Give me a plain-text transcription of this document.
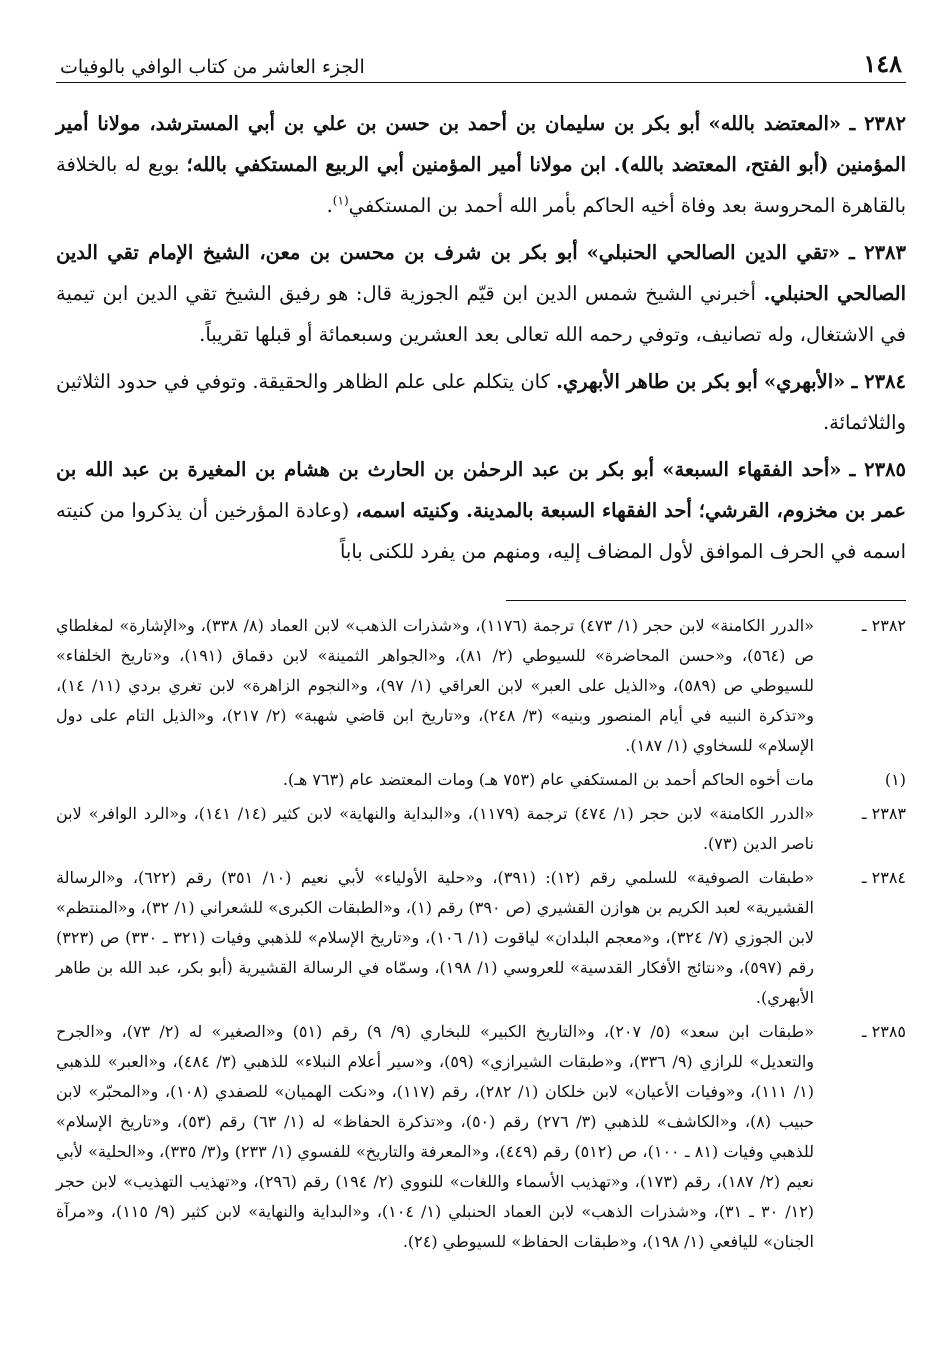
١٤٨
الجزء العاشر من كتاب الوافي بالوفيات

٢٣٨٢ ـ «المعتضد بالله» أبو بكر بن سليمان بن أحمد بن حسن بن علي بن أبي المسترشد، مولانا أمير المؤمنين (أبو الفتح، المعتضد بالله). ابن مولانا أمير المؤمنين أبي الربيع المستكفي بالله؛ بويع له بالخلافة بالقاهرة المحروسة بعد وفاة أخيه الحاكم بأمر الله أحمد بن المستكفي$^{(١)}$.

٢٣٨٣ ـ «تقي الدين الصالحي الحنبلي» أبو بكر بن شرف بن محسن بن معن، الشيخ الإمام تقي الدين الصالحي الحنبلي. أخبرني الشيخ شمس الدين ابن قيّم الجوزية قال: هو رفيق الشيخ تقي الدين ابن تيمية في الاشتغال، وله تصانيف، وتوفي رحمه الله تعالى بعد العشرين وسبعمائة أو قبلها تقريباً.

٢٣٨٤ ـ «الأبهري» أبو بكر بن طاهر الأبهري. كان يتكلم على علم الظاهر والحقيقة. وتوفي في حدود الثلاثين والثلاثمائة.

٢٣٨٥ ـ «أحد الفقهاء السبعة» أبو بكر بن عبد الرحمٰن بن الحارث بن هشام بن المغيرة بن عبد الله بن عمر بن مخزوم، القرشي؛ أحد الفقهاء السبعة بالمدينة. وكنيته اسمه، (وعادة المؤرخين أن يذكروا من كنيته اسمه في الحرف الموافق لأول المضاف إليه، ومنهم من يفرد للكنى باباً

٢٣٨٢ ـ
«الدرر الكامنة» لابن حجر (١/ ٤٧٣) ترجمة (١١٧٦)، و«شذرات الذهب» لابن العماد (٨/ ٣٣٨)، و«الإشارة» لمغلطاي ص (٥٦٤)، و«حسن المحاضرة» للسيوطي (٢/ ٨١)، و«الجواهر الثمينة» لابن دقماق (١٩١)، و«تاريخ الخلفاء» للسيوطي ص (٥٨٩)، و«الذيل على العبر» لابن العراقي (١/ ٩٧)، و«النجوم الزاهرة» لابن تغري بردي (١١/ ١٤)، و«تذكرة النبيه في أيام المنصور وبنيه» (٣/ ٢٤٨)، و«تاريخ ابن قاضي شهبة» (٢/ ٢١٧)، و«الذيل التام على دول الإسلام» للسخاوي (١/ ١٨٧).
(١)
مات أخوه الحاكم أحمد بن المستكفي عام (٧٥٣ هـ) ومات المعتضد عام (٧٦٣ هـ).
٢٣٨٣ ـ
«الدرر الكامنة» لابن حجر (١/ ٤٧٤) ترجمة (١١٧٩)، و«البداية والنهاية» لابن كثير (١٤/ ١٤١)، و«الرد الوافر» لابن ناصر الدين (٧٣).
٢٣٨٤ ـ
«طبقات الصوفية» للسلمي رقم (١٢): (٣٩١)، و«حلية الأولياء» لأبي نعيم (١٠/ ٣٥١) رقم (٦٢٢)، و«الرسالة القشيرية» لعبد الكريم بن هوازن القشيري (ص ٣٩٠) رقم (١)، و«الطبقات الكبرى» للشعراني (١/ ٣٢)، و«المنتظم» لابن الجوزي (٧/ ٣٢٤)، و«معجم البلدان» لياقوت (١/ ١٠٦)، و«تاريخ الإسلام» للذهبي وفيات (٣٢١ ـ ٣٣٠) ص (٣٢٣) رقم (٥٩٧)، و«نتائج الأفكار القدسية» للعروسي (١/ ١٩٨)، وسمّاه في الرسالة القشيرية (أبو بكر، عبد الله بن طاهر الأبهري).
٢٣٨٥ ـ
«طبقات ابن سعد» (٥/ ٢٠٧)، و«التاريخ الكبير» للبخاري (٩/ ٩) رقم (٥١) و«الصغير» له (٢/ ٧٣)، و«الجرح والتعديل» للرازي (٩/ ٣٣٦)، و«طبقات الشيرازي» (٥٩)، و«سير أعلام النبلاء» للذهبي (٣/ ٤٨٤)، و«العبر» للذهبي (١/ ١١١)، و«وفيات الأعيان» لابن خلكان (١/ ٢٨٢)، رقم (١١٧)، و«نكت الهميان» للصفدي (١٠٨)، و«المحبّر» لابن حبيب (٨)، و«الكاشف» للذهبي (٣/ ٢٧٦) رقم (٥٠)، و«تذكرة الحفاظ» له (١/ ٦٣) رقم (٥٣)، و«تاريخ الإسلام» للذهبي وفيات (٨١ ـ ١٠٠)، ص (٥١٢) رقم (٤٤٩)، و«المعرفة والتاريخ» للفسوي (١/ ٢٣٣) و(٣/ ٣٣٥)، و«الحلية» لأبي نعيم (٢/ ١٨٧)، رقم (١٧٣)، و«تهذيب الأسماء واللغات» للنووي (٢/ ١٩٤) رقم (٢٩٦)، و«تهذيب التهذيب» لابن حجر (١٢/ ٣٠ ـ ٣١)، و«شذرات الذهب» لابن العماد الحنبلي (١/ ١٠٤)، و«البداية والنهاية» لابن كثير (٩/ ١١٥)، و«مرآة الجنان» لليافعي (١/ ١٩٨)، و«طبقات الحفاظ» للسيوطي (٢٤).
